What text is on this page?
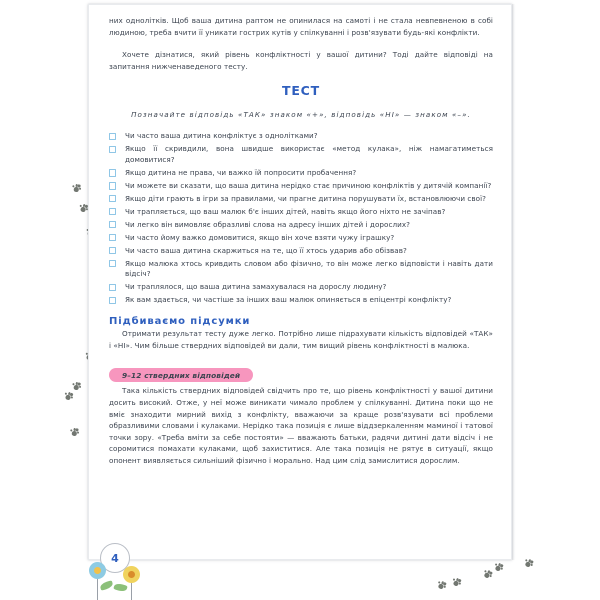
них однолітків. Щоб ваша дитина раптом не опинилася на самоті і не стала невпевненою в собі людиною, треба вчити її уникати гострих кутів у спілкуванні і розв'язувати будь-які конфлікти.

Хочете дізнатися, який рівень конфліктності у вашої дитини? Тоді дайте відповіді на запитання нижченаведеного тесту.

ТЕСТ

Позначайте відповідь «ТАК» знаком «+», відповідь «НІ» — знаком «–».

Чи часто ваша дитина конфліктує з однолітками?
Якщо її скривдили, вона швидше використає «метод кулака», ніж намагатиметься домовитися?
Якщо дитина не права, чи важко їй попросити пробачення?
Чи можете ви сказати, що ваша дитина нерідко стає причиною конфліктів у дитячій компанії?
Якщо діти грають в ігри за правилами, чи прагне дитина порушувати їх, встановлюючи свої?
Чи трапляється, що ваш малюк б'є інших дітей, навіть якщо його ніхто не зачіпав?
Чи легко він вимовляє образливі слова на адресу інших дітей і дорослих?
Чи часто йому важко домовитися, якщо він хоче взяти чужу іграшку?
Чи часто ваша дитина скаржиться на те, що її хтось ударив або обізвав?
Якщо малюка хтось кривдить словом або фізично, то він може легко відповісти і навіть дати відсіч?
Чи траплялося, що ваша дитина замахувалася на дорослу людину?
Як вам здається, чи частіше за інших ваш малюк опиняється в епіцентрі конфлікту?
Підбиваємо підсумки

Отримати результат тесту дуже легко. Потрібно лише підрахувати кількість відповідей «ТАК» і «НІ». Чим більше ствердних відповідей ви дали, тим вищий рівень конфліктності в малюка.

9–12 ствердних відповідей

Така кількість ствердних відповідей свідчить про те, що рівень конфліктності у вашої дитини досить високий. Отже, у неї може виникати чимало проблем у спілкуванні. Дитина поки що не вміє знаходити мирний вихід з конфлікту, вважаючи за краще розв'язувати всі проблеми образливими словами і кулаками. Нерідко така позиція є лише віддзеркаленням маминої і татової точки зору. «Треба вміти за себе постояти» — вважають батьки, радячи дитині дати відсіч і не соромитися помахати кулаками, щоб захиститися. Але така позиція не рятує в ситуації, якщо опонент виявляється сильніший фізично і морально. Над цим слід замислитися дорослим.

4
